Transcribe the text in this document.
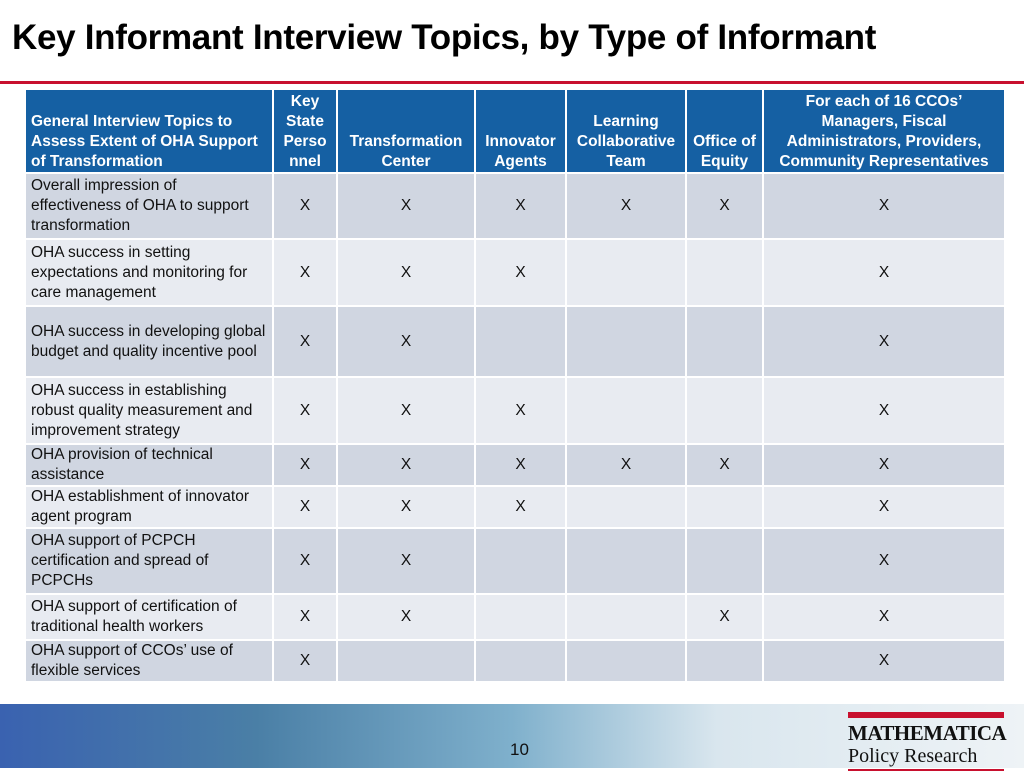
Key Informant Interview Topics, by Type of Informant
General Interview Topics to Assess Extent of OHA Support of Transformation	Key State Perso nnel	Transformation Center	Innovator Agents	Learning Collaborative Team	Office of Equity	For each of 16 CCOs’ Managers, Fiscal Administrators, Providers, Community Representatives
Overall impression of effectiveness of OHA to support transformation	X	X	X	X	X	X
OHA success in setting expectations and monitoring for care management	X	X	X			X
OHA success in developing global budget and quality incentive pool	X	X				X
OHA success in establishing robust quality measurement and improvement strategy	X	X	X			X
OHA provision of technical assistance	X	X	X	X	X	X
OHA establishment of innovator agent program	X	X	X			X
OHA support of PCPCH certification and spread of PCPCHs	X	X				X
OHA support of certification of traditional health workers	X	X			X	X
OHA support of CCOs’ use of flexible services	X					X
10
MATHEMATICA
Policy Research
